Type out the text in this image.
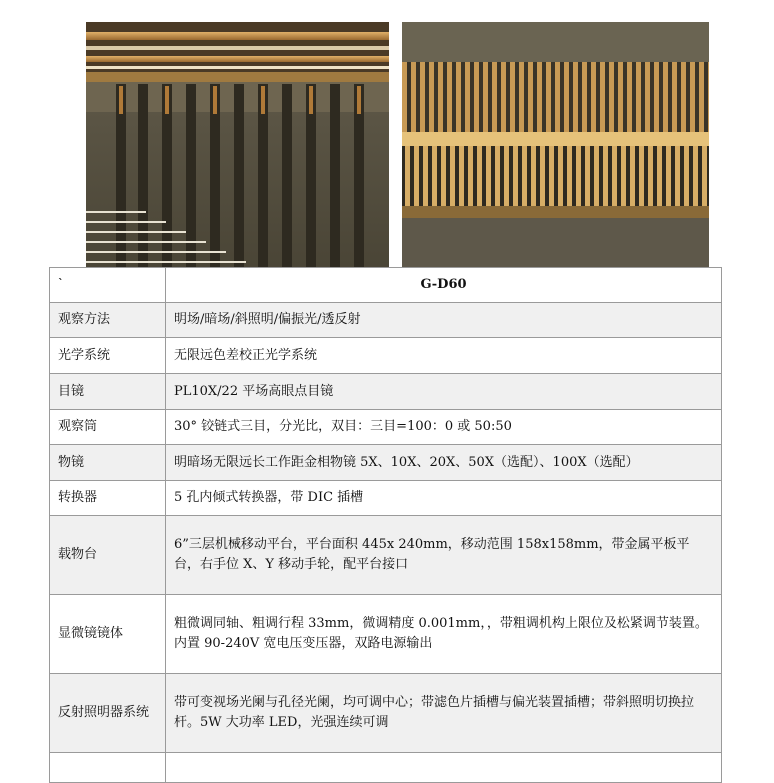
`	G-D60
观察方法	明场/暗场/斜照明/偏振光/透反射
光学系统	无限远色差校正光学系统
目镜	PL10X/22 平场高眼点目镜
观察筒	30° 铰链式三目，分光比，双目：三目=100：0 或 50:50
物镜	明暗场无限远长工作距金相物镜 5X、10X、20X、50X（选配）、100X（选配）
转换器	5 孔内倾式转换器，带 DIC 插槽
载物台	6”三层机械移动平台，平台面积 445x 240mm，移动范围 158x158mm，带金属平板平台，右手位 X、Y 移动手轮，配平台接口
显微镜镜体	粗微调同轴、粗调行程 33mm，微调精度 0.001mm，，带粗调机构上限位及松紧调节装置。内置 90-240V 宽电压变压器，双路电源输出
反射照明器系统	带可变视场光阑与孔径光阑，均可调中心；带滤色片插槽与偏光装置插槽；带斜照明切换拉杆。5W 大功率 LED，光强连续可调
